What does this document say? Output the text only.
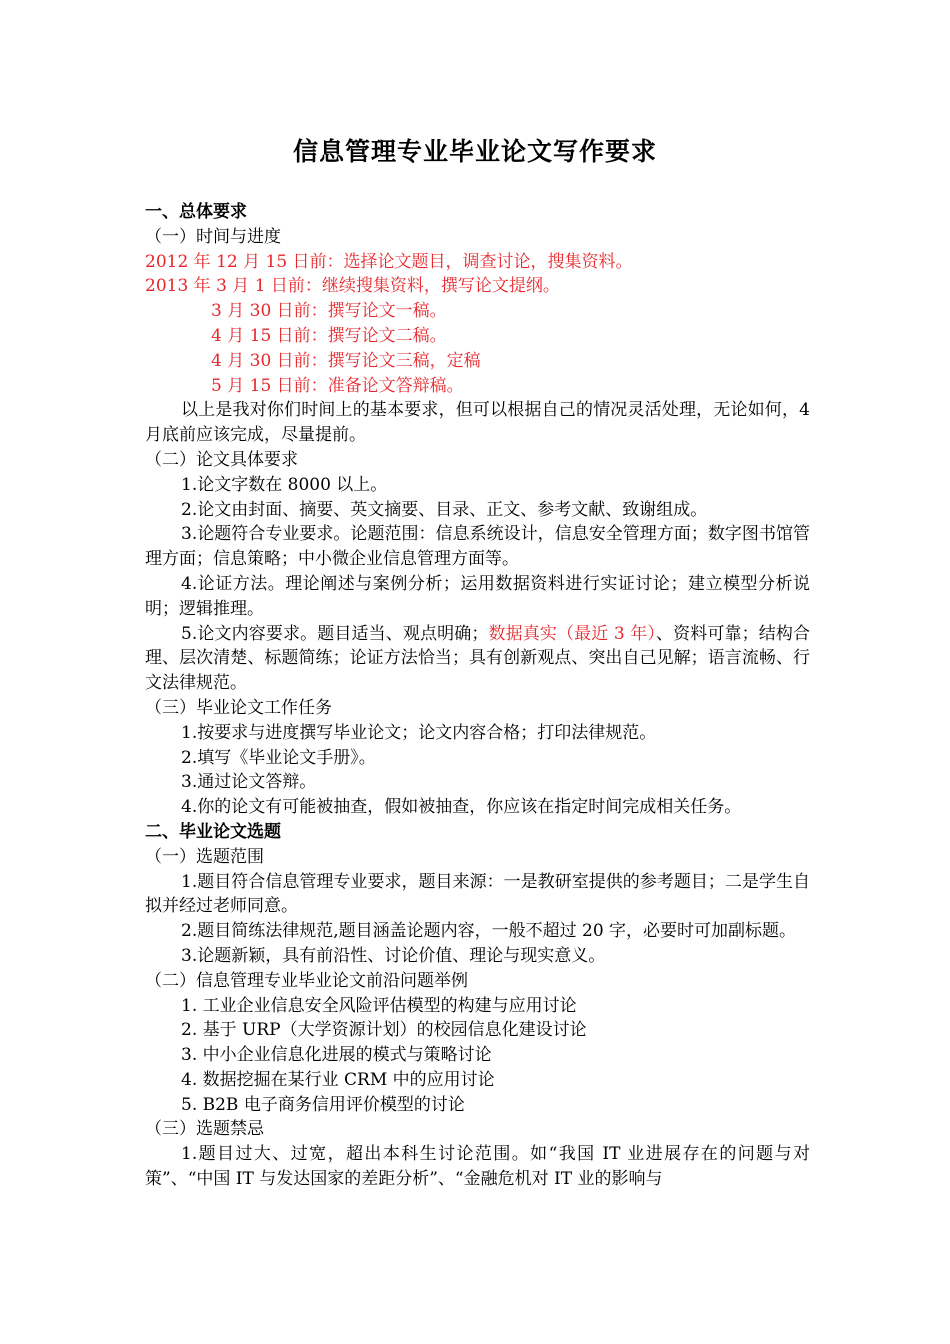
信息管理专业毕业论文写作要求
一、总体要求
（一）时间与进度
2012 年 12 月 15 日前：选择论文题目，调查讨论，搜集资料。
2013 年 3 月 1 日前：继续搜集资料，撰写论文提纲。
3 月 30 日前：撰写论文一稿。
4 月 15 日前：撰写论文二稿。
4 月 30 日前：撰写论文三稿，定稿
5 月 15 日前：准备论文答辩稿。
以上是我对你们时间上的基本要求，但可以根据自己的情况灵活处理，无论如何，4 月底前应该完成，尽量提前。
（二）论文具体要求
1.论文字数在 8000 以上。
2.论文由封面、摘要、英文摘要、目录、正文、参考文献、致谢组成。
3.论题符合专业要求。论题范围：信息系统设计，信息安全管理方面；数字图书馆管理方面；信息策略；中小微企业信息管理方面等。
4.论证方法。理论阐述与案例分析；运用数据资料进行实证讨论；建立模型分析说明；逻辑推理。
5.论文内容要求。题目适当、观点明确；数据真实（最近 3 年）、资料可靠；结构合理、层次清楚、标题简练；论证方法恰当；具有创新观点、突出自己见解；语言流畅、行文法律规范。
（三）毕业论文工作任务
1.按要求与进度撰写毕业论文；论文内容合格；打印法律规范。
2.填写《毕业论文手册》。
3.通过论文答辩。
4.你的论文有可能被抽查，假如被抽查，你应该在指定时间完成相关任务。
二、毕业论文选题
（一）选题范围
1.题目符合信息管理专业要求，题目来源：一是教研室提供的参考题目；二是学生自拟并经过老师同意。
2.题目简练法律规范,题目涵盖论题内容，一般不超过 20 字，必要时可加副标题。
3.论题新颖，具有前沿性、讨论价值、理论与现实意义。
（二）信息管理专业毕业论文前沿问题举例
1. 工业企业信息安全风险评估模型的构建与应用讨论
2. 基于 URP（大学资源计划）的校园信息化建设讨论
3. 中小企业信息化进展的模式与策略讨论
4. 数据挖掘在某行业 CRM 中的应用讨论
5. B2B 电子商务信用评价模型的讨论
（三）选题禁忌
1.题目过大、过宽，超出本科生讨论范围。如“我国 IT 业进展存在的问题与对策”、“中国 IT 与发达国家的差距分析”、“金融危机对 IT 业的影响与
